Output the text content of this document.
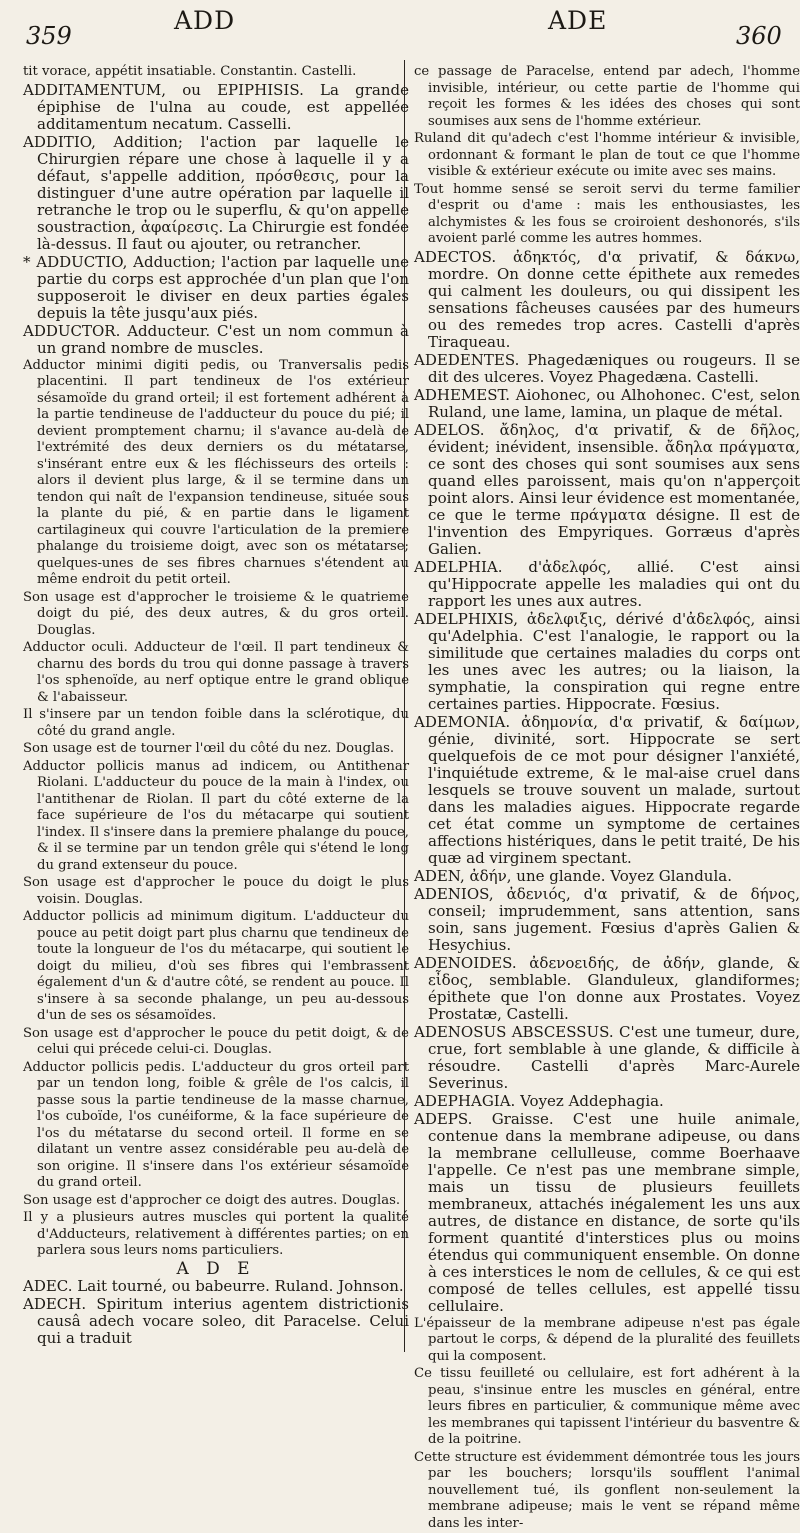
359
ADD	ADE
360

tit vorace, appétit insatiable. Constantin. Castelli.

ADDITAMENTUM, ou EPIPHISIS. La grande épiphise de l'ulna au coude, est appellée additamentum necatum. Casselli.

ADDITIO, Addition; l'action par laquelle le Chirurgien répare une chose à laquelle il y a défaut, s'appelle addition, πρόσθεσις, pour la distinguer d'une autre opération par laquelle il retranche le trop ou le superflu, & qu'on appelle soustraction, ἀφαίρεσις. La Chirurgie est fondée là-dessus. Il faut ou ajouter, ou retrancher.

* ADDUCTIO, Adduction; l'action par laquelle une partie du corps est approchée d'un plan que l'on supposeroit le diviser en deux parties égales depuis la tête jusqu'aux piés.

ADDUCTOR. Adducteur. C'est un nom commun à un grand nombre de muscles.

Adductor minimi digiti pedis, ou Tranversalis pedis placentini. Il part tendineux de l'os extérieur sésamoïde du grand orteil; il est fortement adhérent à la partie tendineuse de l'adducteur du pouce du pié; il devient promptement charnu; il s'avance au-delà de l'extrémité des deux derniers os du métatarse, s'insérant entre eux & les fléchisseurs des orteils : alors il devient plus large, & il se termine dans un tendon qui naît de l'expansion tendineuse, située sous la plante du pié, & en partie dans le ligament cartilagineux qui couvre l'articulation de la premiere phalange du troisieme doigt, avec son os métatarse; quelques-unes de ses fibres charnues s'étendent au même endroit du petit orteil.

Son usage est d'approcher le troisieme & le quatrieme doigt du pié, des deux autres, & du gros orteil. Douglas.

Adductor oculi. Adducteur de l'œil. Il part tendineux & charnu des bords du trou qui donne passage à travers l'os sphenoïde, au nerf optique entre le grand oblique & l'abaisseur.

Il s'insere par un tendon foible dans la sclérotique, du côté du grand angle.

Son usage est de tourner l'œil du côté du nez. Douglas.

Adductor pollicis manus ad indicem, ou Antithenar Riolani. L'adducteur du pouce de la main à l'index, ou l'antithenar de Riolan. Il part du côté externe de la face supérieure de l'os du métacarpe qui soutient l'index. Il s'insere dans la premiere phalange du pouce, & il se termine par un tendon grêle qui s'étend le long du grand extenseur du pouce.

Son usage est d'approcher le pouce du doigt le plus voisin. Douglas.

Adductor pollicis ad minimum digitum. L'adducteur du pouce au petit doigt part plus charnu que tendineux de toute la longueur de l'os du métacarpe, qui soutient le doigt du milieu, d'où ses fibres qui l'embrassent également d'un & d'autre côté, se rendent au pouce. Il s'insere à sa seconde phalange, un peu au-dessous d'un de ses os sésamoïdes.

Son usage est d'approcher le pouce du petit doigt, & de celui qui précede celui-ci. Douglas.

Adductor pollicis pedis. L'adducteur du gros orteil part par un tendon long, foible & grêle de l'os calcis, il passe sous la partie tendineuse de la masse charnue, l'os cuboïde, l'os cunéiforme, & la face supérieure de l'os du métatarse du second orteil. Il forme en se dilatant un ventre assez considérable peu au-delà de son origine. Il s'insere dans l'os extérieur sésamoïde du grand orteil.

Son usage est d'approcher ce doigt des autres. Douglas.

Il y a plusieurs autres muscles qui portent la qualité d'Adducteurs, relativement à différentes parties; on en parlera sous leurs noms particuliers.

A D E

ADEC. Lait tourné, ou babeurre. Ruland. Johnson.

ADECH. Spiritum interius agentem districtionis causâ adech vocare soleo, dit Paracelse. Celui qui a traduit

ce passage de Paracelse, entend par adech, l'homme invisible, intérieur, ou cette partie de l'homme qui reçoit les formes & les idées des choses qui sont soumises aux sens de l'homme extérieur.

Ruland dit qu'adech c'est l'homme intérieur & invisible, ordonnant & formant le plan de tout ce que l'homme visible & extérieur exécute ou imite avec ses mains.

Tout homme sensé se seroit servi du terme familier d'esprit ou d'ame : mais les enthousiastes, les alchymistes & les fous se croiroient deshonorés, s'ils avoient parlé comme les autres hommes.

ADECTOS. ἀδηκτός, d'α privatif, & δάκνω, mordre. On donne cette épithete aux remedes qui calment les douleurs, ou qui dissipent les sensations fâcheuses causées par des humeurs ou des remedes trop acres. Castelli d'après Tiraqueau.

ADEDENTES. Phagedæniques ou rougeurs. Il se dit des ulceres. Voyez Phagedæna. Castelli.

ADHEMEST. Aiohonec, ou Alhohonec. C'est, selon Ruland, une lame, lamina, un plaque de métal.

ADELOS. ἄδηλος, d'α privatif, & de δῆλος, évident; inévident, insensible. ἄδηλα πράγματα, ce sont des choses qui sont soumises aux sens quand elles paroissent, mais qu'on n'apperçoit point alors. Ainsi leur évidence est momentanée, ce que le terme πράγματα désigne. Il est de l'invention des Empyriques. Gorræus d'après Galien.

ADELPHIA. d'ἀδελφός, allié. C'est ainsi qu'Hippocrate appelle les maladies qui ont du rapport les unes aux autres.

ADELPHIXIS, ἀδελφιξις, dérivé d'ἀδελφός, ainsi qu'Adelphia. C'est l'analogie, le rapport ou la similitude que certaines maladies du corps ont les unes avec les autres; ou la liaison, la symphatie, la conspiration qui regne entre certaines parties. Hippocrate. Fœsius.

ADEMONIA. ἀδημονία, d'α privatif, & δαίμων, génie, divinité, sort. Hippocrate se sert quelquefois de ce mot pour désigner l'anxiété, l'inquiétude extreme, & le mal-aise cruel dans lesquels se trouve souvent un malade, surtout dans les maladies aigues. Hippocrate regarde cet état comme un symptome de certaines affections histériques, dans le petit traité, De his quæ ad virginem spectant.

ADEN, ἀδήν, une glande. Voyez Glandula.

ADENIOS, ἀδενιός, d'α privatif, & de δήνος, conseil; imprudemment, sans attention, sans soin, sans jugement. Fœsius d'après Galien & Hesychius.

ADENOIDES. ἀδενοειδής, de ἀδήν, glande, & εἶδος, semblable. Glanduleux, glandiformes; épithete que l'on donne aux Prostates. Voyez Prostatæ, Castelli.

ADENOSUS ABSCESSUS. C'est une tumeur, dure, crue, fort semblable à une glande, & difficile à résoudre. Castelli d'après Marc-Aurele Severinus.

ADEPHAGIA. Voyez Addephagia.

ADEPS. Graisse. C'est une huile animale, contenue dans la membrane adipeuse, ou dans la membrane cellulleuse, comme Boerhaave l'appelle. Ce n'est pas une membrane simple, mais un tissu de plusieurs feuillets membraneux, attachés inégalement les uns aux autres, de distance en distance, de sorte qu'ils forment quantité d'interstices plus ou moins étendus qui communiquent ensemble. On donne à ces interstices le nom de cellules, & ce qui est composé de telles cellules, est appellé tissu cellulaire.

L'épaisseur de la membrane adipeuse n'est pas égale partout le corps, & dépend de la pluralité des feuillets qui la composent.

Ce tissu feuilleté ou cellulaire, est fort adhérent à la peau, s'insinue entre les muscles en général, entre leurs fibres en particulier, & communique même avec les membranes qui tapissent l'intérieur du basventre & de la poitrine.

Cette structure est évidemment démontrée tous les jours par les bouchers; lorsqu'ils soufflent l'animal nouvellement tué, ils gonflent non-seulement la membrane adipeuse; mais le vent se répand même dans les inter-
